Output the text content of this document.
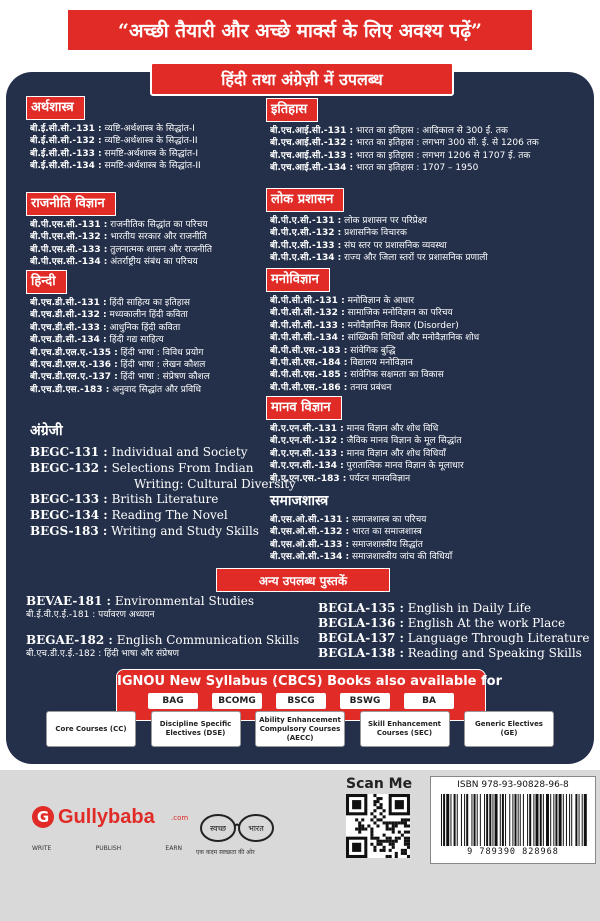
“अच्छी तैयारी और अच्छे मार्क्स के लिए अवश्य पढ़ें”
हिंदी तथा अंग्रेज़ी में उपलब्ध
अर्थशास्त्र
बी.ई.सी.सी.-131 : व्यष्टि-अर्थशास्त्र के सिद्धांत-I
बी.ई.सी.सी.-132 : व्यष्टि-अर्थशास्त्र के सिद्धांत-II
बी.ई.सी.सी.-133 : समष्टि-अर्थशास्त्र के सिद्धांत-I
बी.ई.सी.सी.-134 : समष्टि-अर्थशास्त्र के सिद्धांत-II
राजनीति विज्ञान
बी.पी.एस.सी.-131 : राजनीतिक सिद्धांत का परिचय
बी.पी.एस.सी.-132 : भारतीय सरकार और राजनीति
बी.पी.एस.सी.-133 : तुलनात्मक शासन और राजनीति
बी.पी.एस.सी.-134 : अंतर्राष्ट्रीय संबंध का परिचय
हिन्दी
बी.एच.डी.सी.-131 : हिंदी साहित्य का इतिहास
बी.एच.डी.सी.-132 : मध्यकालीन हिंदी कविता
बी.एच.डी.सी.-133 : आधुनिक हिंदी कविता
बी.एच.डी.सी.-134 : हिंदी गद्य साहित्य
बी.एच.डी.एल.ए.-135 : हिंदी भाषा : विविध प्रयोग
बी.एच.डी.एल.ए.-136 : हिंदी भाषा : लेखन कौशल
बी.एच.डी.एल.ए.-137 : हिंदी भाषा : संप्रेषण कौशल
बी.एच.डी.एस.-183 : अनुवाद सिद्धांत और प्रविधि
अंग्रेजी
BEGC-131 : Individual and Society
BEGC-132 : Selections From Indian
Writing: Cultural Diversity
BEGC-133 : British Literature
BEGC-134 : Reading The Novel
BEGS-183 : Writing and Study Skills
इतिहास
बी.एच.आई.सी.-131 : भारत का इतिहास : आदिकाल से 300 ई. तक
बी.एच.आई.सी.-132 : भारत का इतिहास : लगभग 300 सी. ई. से 1206 तक
बी.एच.आई.सी.-133 : भारत का इतिहास : लगभग 1206 से 1707 ई. तक
बी.एच.आई.सी.-134 : भारत का इतिहास : 1707 – 1950
लोक प्रशासन
बी.पी.ए.सी.-131 : लोक प्रशासन पर परिप्रेक्ष्य
बी.पी.ए.सी.-132 : प्रशासनिक विचारक
बी.पी.ए.सी.-133 : संघ स्तर पर प्रशासनिक व्यवस्था
बी.पी.ए.सी.-134 : राज्य और जिला स्तरों पर प्रशासनिक प्रणाली
मनोविज्ञान
बी.पी.सी.सी.-131 : मनोविज्ञान के आधार
बी.पी.सी.सी.-132 : सामाजिक मनोविज्ञान का परिचय
बी.पी.सी.सी.-133 : मनोवैज्ञानिक विकार (Disorder)
बी.पी.सी.सी.-134 : सांख्यिकी विधियाँ और मनोवैज्ञानिक शोध
बी.पी.सी.एस.-183 : सांवेगिक बुद्धि
बी.पी.सी.एस.-184 : विद्यालय मनोविज्ञान
बी.पी.सी.एस.-185 : सांवेगिक सक्षमता का विकास
बी.पी.सी.एस.-186 : तनाव प्रबंधन
मानव विज्ञान
बी.ए.एन.सी.-131 : मानव विज्ञान और शोध विधि
बी.ए.एन.सी.-132 : जैविक मानव विज्ञान के मूल सिद्धांत
बी.ए.एन.सी.-133 : मानव विज्ञान और शोध विधियाँ
बी.ए.एन.सी.-134 : पुरातात्विक मानव विज्ञान के मूलाधार
बी.ए.एन.एस.-183 : पर्यटन मानवविज्ञान
समाजशास्त्र
बी.एस.ओ.सी.-131 : समाजशास्त्र का परिचय
बी.एस.ओ.सी.-132 : भारत का समाजशास्त्र
बी.एस.ओ.सी.-133 : समाजशास्त्रीय सिद्धांत
बी.एस.ओ.सी.-134 : समाजशास्त्रीय जांच की विधियाँ
अन्य उपलब्ध पुस्तकें
BEVAE-181 : Environmental Studies
बी.ई.वी.ए.ई.-181 : पर्यावरण अध्ययन
BEGAE-182 : English Communication Skills
बी.एच.डी.ए.ई.-182 : हिंदी भाषा और संप्रेषण
BEGLA-135 : English in Daily Life
BEGLA-136 : English At the work Place
BEGLA-137 : Language Through Literature
BEGLA-138 : Reading and Speaking Skills
IGNOU New Syllabus (CBCS) Books also available for
BAG	BCOMG	BSCG	BSWG	BA
Core Courses (CC)
Discipline Specific Electives (DSE)
Ability Enhancement Compulsory Courses (AECC)
Skill Enhancement Courses (SEC)
Generic Electives (GE)
G Gullybaba .com
WRITE	PUBLISH	EARN
स्वच्छ	भारत
एक कदम स्वच्छता की ओर
Scan Me	ISBN 978-93-90828-96-8
9 789390 828968
